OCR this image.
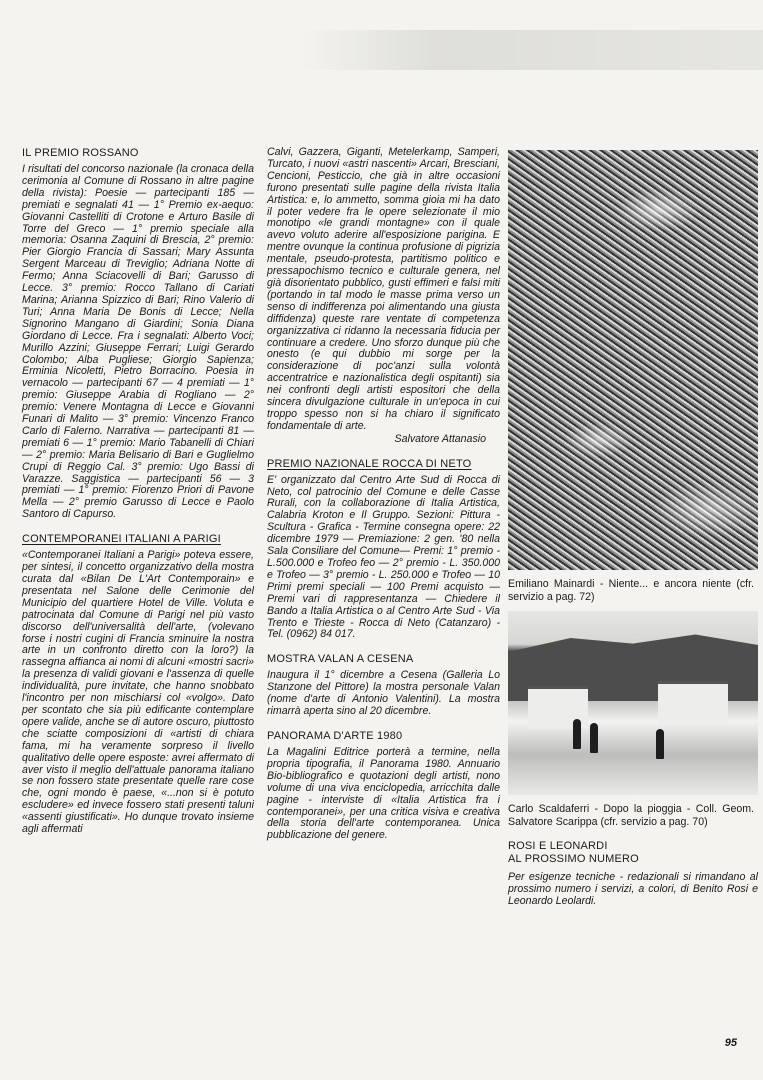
IL PREMIO ROSSANO

I risultati del concorso nazionale (la cronaca della cerimonia al Comune di Rossano in altre pagine della rivista): Poesie — partecipanti 185 — premiati e segnalati 41 — 1° Premio ex-aequo: Giovanni Castelliti di Crotone e Arturo Basile di Torre del Greco — 1° premio speciale alla memoria: Osanna Zaquini di Brescia, 2° premio: Pier Giorgio Francia di Sassari; Mary Assunta Sergent Marceau di Treviglio; Adriana Notte di Fermo; Anna Sciacovelli di Bari; Garusso di Lecce. 3° premio: Rocco Tallano di Cariati Marina; Arianna Spizzico di Bari; Rino Valerio di Turi; Anna Maria De Bonis di Lecce; Nella Signorino Mangano di Giardini; Sonia Diana Giordano di Lecce. Fra i segnalati: Alberto Voci; Murillo Azzini; Giuseppe Ferrari; Luigi Gerardo Colombo; Alba Pugliese; Giorgio Sapienza; Erminia Nicoletti, Pietro Borracino. Poesia in vernacolo — partecipanti 67 — 4 premiati — 1° premio: Giuseppe Arabia di Rogliano — 2° premio: Venere Montagna di Lecce e Giovanni Funari di Malito — 3° premio: Vincenzo Franco Carlo di Falerno. Narrativa — partecipanti 81 — premiati 6 — 1° premio: Mario Tabanelli di Chiari — 2° premio: Maria Belisario di Bari e Guglielmo Crupi di Reggio Cal. 3° premio: Ugo Bassi di Varazze. Saggistica — partecipanti 56 — 3 premiati — 1° premio: Fiorenzo Priori di Pavone Mella — 2° premio Garusso di Lecce e Paolo Santoro di Capurso.

CONTEMPORANEI ITALIANI A PARIGI

«Contemporanei Italiani a Parigi» poteva essere, per sintesi, il concetto organizzativo della mostra curata dal «Bilan De L'Art Contemporain» e presentata nel Salone delle Cerimonie del Municipio del quartiere Hotel de Ville. Voluta e patrocinata dal Comune di Parigi nel più vasto discorso dell'universalità dell'arte, (volevano forse i nostri cugini di Francia sminuire la nostra arte in un confronto diretto con la loro?) la rassegna affianca ai nomi di alcuni «mostri sacri» la presenza di validi giovani e l'assenza di quelle individualità, pure invitate, che hanno snobbato l'incontro per non mischiarsi col «volgo». Dato per scontato che sia più edificante contemplare opere valide, anche se di autore oscuro, piuttosto che sciatte composizioni di «artisti di chiara fama, mi ha veramente sorpreso il livello qualitativo delle opere esposte: avrei affermato di aver visto il meglio dell'attuale panorama italiano se non fossero state presentate quelle rare cose che, ogni mondo è paese, «...non si è potuto escludere» ed invece fossero stati presenti taluni «assenti giustificati». Ho dunque trovato insieme agli affermati

Calvi, Gazzera, Giganti, Metelerkamp, Samperi, Turcato, i nuovi «astri nascenti» Arcari, Bresciani, Cencioni, Pesticcio, che già in altre occasioni furono presentati sulle pagine della rivista Italia Artistica: e, lo ammetto, somma gioia mi ha dato il poter vedere fra le opere selezionate il mio monotipo «le grandi montagne» con il quale avevo voluto aderire all'esposizione parigina. E mentre ovunque la continua profusione di pigrizia mentale, pseudo-protesta, partitismo politico e pressapochismo tecnico e culturale genera, nel già disorientato pubblico, gusti effimeri e falsi miti (portando in tal modo le masse prima verso un senso di indifferenza poi alimentando una giusta diffidenza) queste rare ventate di competenza organizzativa ci ridanno la necessaria fiducia per continuare a credere. Uno sforzo dunque più che onesto (e qui dubbio mi sorge per la considerazione di poc'anzi sulla volontà accentratrice e nazionalistica degli ospitanti) sia nei confronti degli artisti espositori che della sincera divulgazione culturale in un'epoca in cui troppo spesso non si ha chiaro il significato fondamentale di arte.

Salvatore Attanasio

PREMIO NAZIONALE ROCCA DI NETO

E' organizzato dal Centro Arte Sud di Rocca di Neto, col patrocinio del Comune e delle Casse Rurali, con la collaborazione di Italia Artistica, Calabria Kroton e Il Gruppo. Sezioni: Pittura - Scultura - Grafica - Termine consegna opere: 22 dicembre 1979 — Premiazione: 2 gen. '80 nella Sala Consiliare del Comune— Premi: 1° premio - L.500.000 e Trofeo feo — 2° premio - L. 350.000 e Trofeo — 3° premio - L. 250.000 e Trofeo — 10 Primi premi speciali — 100 Premi acquisto — Premi vari di rappresentanza — Chiedere il Bando a Italia Artistica o al Centro Arte Sud - Via Trento e Trieste - Rocca di Neto (Catanzaro) - Tel. (0962) 84 017.

MOSTRA VALAN A CESENA

Inaugura il 1° dicembre a Cesena (Galleria Lo Stanzone del Pittore) la mostra personale Valan (nome d'arte di Antonio Valentini). La mostra rimarrà aperta sino al 20 dicembre.

PANORAMA D'ARTE 1980

La Magalini Editrice porterà a termine, nella propria tipografia, il Panorama 1980. Annuario Bio-bibliografico e quotazioni degli artisti, nono volume di una viva enciclopedia, arricchita dalle pagine - interviste di «Italia Artistica fra i contemporanei», per una critica visiva e creativa della storia dell'arte contemporanea. Unica pubblicazione del genere.

Emiliano Mainardi - Niente... e ancora niente (cfr. servizio a pag. 72)
Carlo Scaldaferri - Dopo la pioggia - Coll. Geom. Salvatore Scarippa (cfr. servizio a pag. 70)
ROSI E LEONARDI
AL PROSSIMO NUMERO

Per esigenze tecniche - redazionali si rimandano al prossimo numero i servizi, a colori, di Benito Rosi e Leonardo Leolardi.

95
